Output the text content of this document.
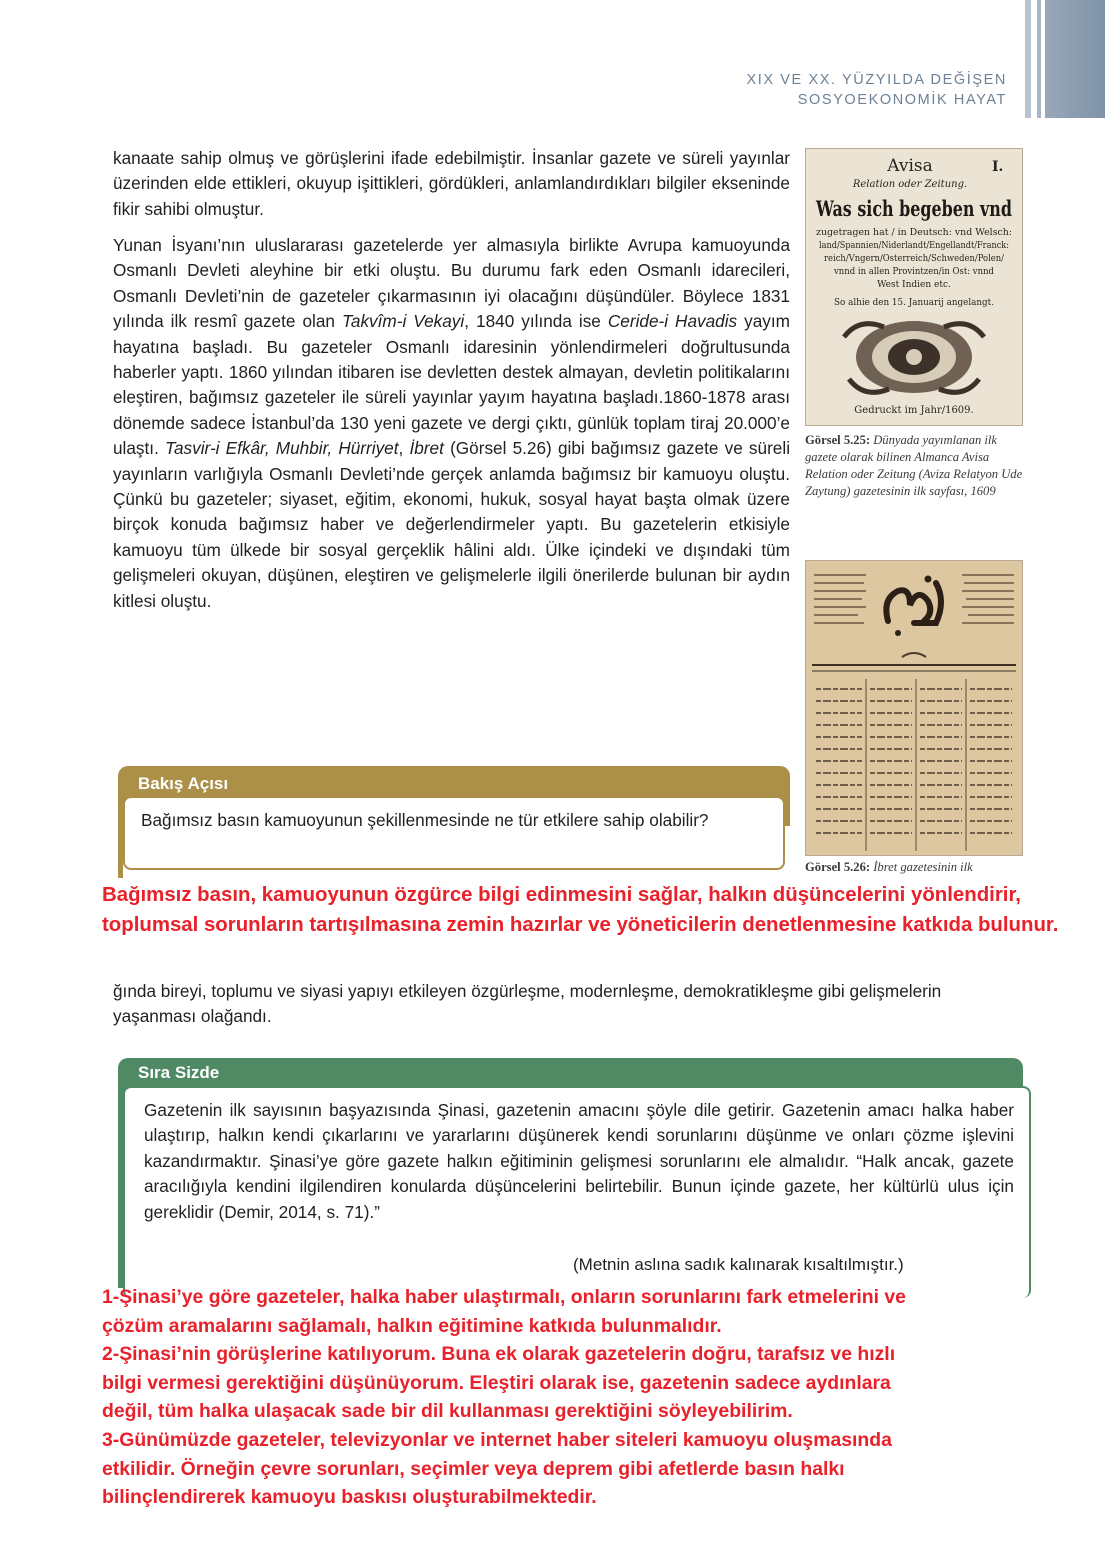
XIX VE XX. YÜZYILDA DEĞİŞEN
SOSYOEKONOMİK HAYAT

kanaate sahip olmuş ve görüşlerini ifade edebilmiştir. İnsanlar gazete ve süreli yayınlar üzerinden elde ettikleri, okuyup işittikleri, gördükleri, anlamlandırdıkları bilgiler ekseninde fikir sahibi olmuştur.

Yunan İsyanı’nın uluslararası gazetelerde yer almasıyla birlikte Avrupa kamuoyunda Osmanlı Devleti aleyhine bir etki oluştu. Bu durumu fark eden Osmanlı idarecileri, Osmanlı Devleti’nin de gazeteler çıkarmasının iyi olacağını düşündüler. Böylece 1831 yılında ilk resmî gazete olan Takvîm-i Vekayi, 1840 yılında ise Ceride-i Havadis yayım hayatına başladı. Bu gazeteler Osmanlı idaresinin yönlendirmeleri doğrultusunda haberler yaptı. 1860 yılından itibaren ise devletten destek almayan, devletin politikalarını eleştiren, bağımsız gazeteler ile süreli yayınlar yayım hayatına başladı.1860-1878 arası dönemde sadece İstanbul’da 130 yeni gazete ve dergi çıktı, günlük toplam tiraj 20.000’e ulaştı. Tasvir-i Efkâr, Muhbir, Hürriyet, İbret (Görsel 5.26) gibi bağımsız gazete ve süreli yayınların varlığıyla Osmanlı Devleti’nde gerçek anlamda bağımsız bir kamuoyu oluştu. Çünkü bu gazeteler; siyaset, eğitim, ekonomi, hukuk, sosyal hayat başta olmak üzere birçok konuda bağımsız haber ve değerlendirmeler yaptı. Bu gazetelerin etkisiyle kamuoyu tüm ülkede bir sosyal gerçeklik hâlini aldı. Ülke içindeki ve dışındaki tüm gelişmeleri okuyan, düşünen, eleştiren ve gelişmelerle ilgili önerilerde bulunan bir aydın kitlesi oluştu.

Avisa	I.
Relation oder Zeitung.
Was sich begeben vnd
zugetragen hat / in Deutsch: vnd Welsch:
land/Spannien/Niderlandt/Engellandt/Franck:
reich/Vngern/Osterreich/Schweden/Polen/
vnnd in allen Provintzen/in Ost: vnnd
West Indien etc.
So alhie den 15. Januarij angelangt.
Gedruckt im Jahr/1609.
Görsel 5.25: Dünyada yayımlanan ilk gazete olarak bilinen Almanca Avisa Relation oder Zeitung (Aviza Relatyon Ude Zaytung) gazetesinin ilk sayfası, 1609
Görsel 5.26: İbret gazetesinin ilk
Bakış Açısı
Bağımsız basın kamuoyunun şekillenmesinde ne tür etkilere sahip olabilir?
Bağımsız basın, kamuoyunun özgürce bilgi edinmesini sağlar, halkın düşüncelerini yönlendirir, toplumsal sorunların tartışılmasına zemin hazırlar ve yöneticilerin denetlenmesine katkıda bulunur.

ğında bireyi, toplumu ve siyasi yapıyı etkileyen özgürleşme, modernleşme, demokratikleşme gibi gelişmelerin yaşanması olağandı.

Sıra Sizde
Gazetenin ilk sayısının başyazısında Şinasi, gazetenin amacını şöyle dile getirir. Gazetenin amacı halka haber ulaştırıp, halkın kendi çıkarlarını ve yararlarını düşünerek kendi sorunlarını düşünme ve onları çözme işlevini kazandırmaktır. Şinasi’ye göre gazete halkın eğitiminin gelişmesi sorunlarını ele almalıdır. “Halk ancak, gazete aracılığıyla kendini ilgilendiren konularda düşüncelerini belirtebilir. Bunun içinde gazete, her kültürlü ulus için gereklidir (Demir, 2014, s. 71).”
(Metnin aslına sadık kalınarak kısaltılmıştır.)
1-Şinasi’ye göre gazeteler, halka haber ulaştırmalı, onların sorunlarını fark etmelerini ve
çözüm aramalarını sağlamalı, halkın eğitimine katkıda bulunmalıdır.
2-Şinasi’nin görüşlerine katılıyorum. Buna ek olarak gazetelerin doğru, tarafsız ve hızlı
bilgi vermesi gerektiğini düşünüyorum. Eleştiri olarak ise, gazetenin sadece aydınlara
değil, tüm halka ulaşacak sade bir dil kullanması gerektiğini söyleyebilirim.
3-Günümüzde gazeteler, televizyonlar ve internet haber siteleri kamuoyu oluşmasında
etkilidir. Örneğin çevre sorunları, seçimler veya deprem gibi afetlerde basın halkı
bilinçlendirerek kamuoyu baskısı oluşturabilmektedir.
